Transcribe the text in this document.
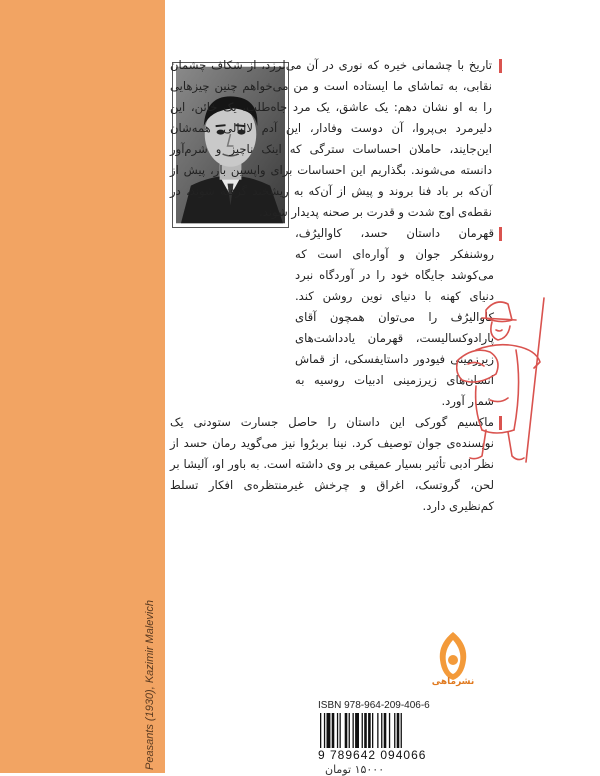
Peasants (1930), Kazimir Malevich

تاریخ با چشمانی خیره که نوری در آن می‌لرزد، از شکاف چشمان نقابی، به تماشای ما ایستاده است و من می‌خواهم چنین چیزهایی را به او نشان دهم: یک عاشق، یک مرد جاه‌طلب، یک خائن، این دلیرمرد بی‌پروا، آن دوست وفادار، این آدم لاابالی. همه‌شان این‌جایند، حاملان احساسات سترگی که اینک ناچیز و شرم‌آور دانسته می‌شوند. بگذاریم این احساسات برای واپسین بار، پیش از آن‌که بر باد فنا بروند و پیش از آن‌که به ریشخند گرفته شوند، در نقطه‌ی اوج شدت و قدرت بر صحنه پدیدار شوند.

قهرمان داستان حسد، کاوالیرُف، روشنفکر جوان و آواره‌ای است که می‌کوشد جایگاه خود را در آوردگاه نبرد دنیای کهنه با دنیای نوین روشن کند. کاوالیرُف را می‌توان همچون آقای پارادوکسالیست، قهرمان یادداشت‌های زیرزمینی فیودور داستایفسکی، از قماش انسان‌های زیرزمینی ادبیات روسیه به شمار آورد.

ماکسیم گورکی این داستان را حاصل جسارت ستودنی یک نویسنده‌ی جوان توصیف کرد. نینا بربرُوا نیز می‌گوید رمان حسد از نظر ادبی تأثیر بسیار عمیقی بر وی داشته است. به باور او، آلیشا بر لحن، گروتسک، اغراق و چرخش غیرمنتظره‌ی افکار تسلط کم‌نظیری دارد.

نشرماهی
ISBN 978-964-209-406-6
9 789642 094066
۱۵۰۰۰ تومان
